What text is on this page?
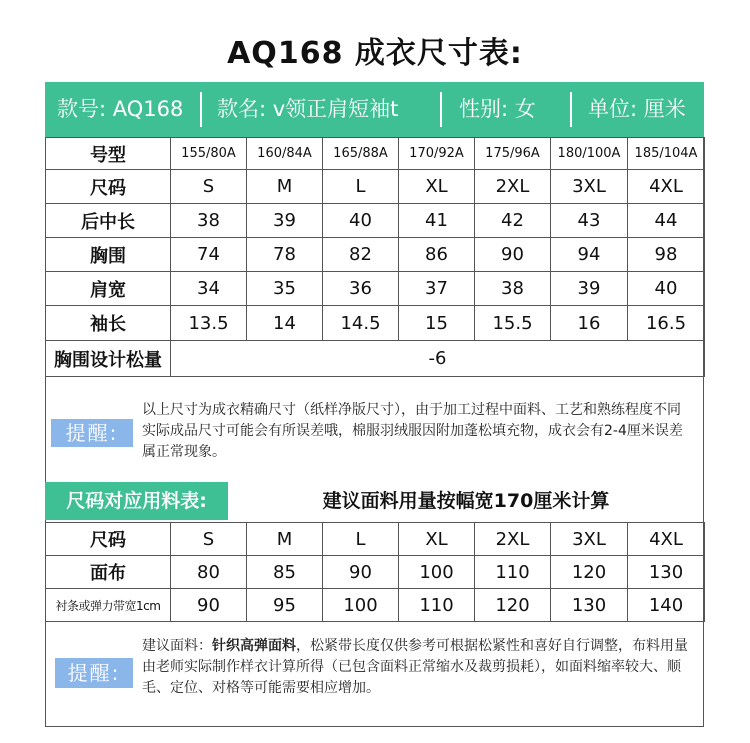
AQ168 成衣尺寸表:
款号: AQ168 款名: v领正肩短袖t	性别: 女 单位: 厘米
号型	155/80A	160/84A	165/88A	170/92A	175/96A	180/100A	185/104A
尺码	S	M	L	XL	2XL	3XL	4XL
后中长	38	39	40	41	42	43	44
胸围	74	78	82	86	90	94	98
肩宽	34	35	36	37	38	39	40
袖长	13.5	14	14.5	15	15.5	16	16.5
胸围设计松量	-6						
提醒:
以上尺寸为成衣精确尺寸（纸样净版尺寸），由于加工过程中面料、工艺和熟练程度不同实际成品尺寸可能会有所误差哦，棉服羽绒服因附加蓬松填充物，成衣会有2-4厘米误差属正常现象。
尺码对应用料表:	建议面料用量按幅宽170厘米计算
尺码	S	M	L	XL	2XL	3XL	4XL
面布	80	85	90	100	110	120	130
衬条或弹力带宽1cm	90	95	100	110	120	130	140
提醒:
建议面料：针织高弹面料，松紧带长度仅供参考可根据松紧性和喜好自行调整，布料用量由老师实际制作样衣计算所得（已包含面料正常缩水及裁剪损耗），如面料缩率较大、顺毛、定位、对格等可能需要相应增加。
